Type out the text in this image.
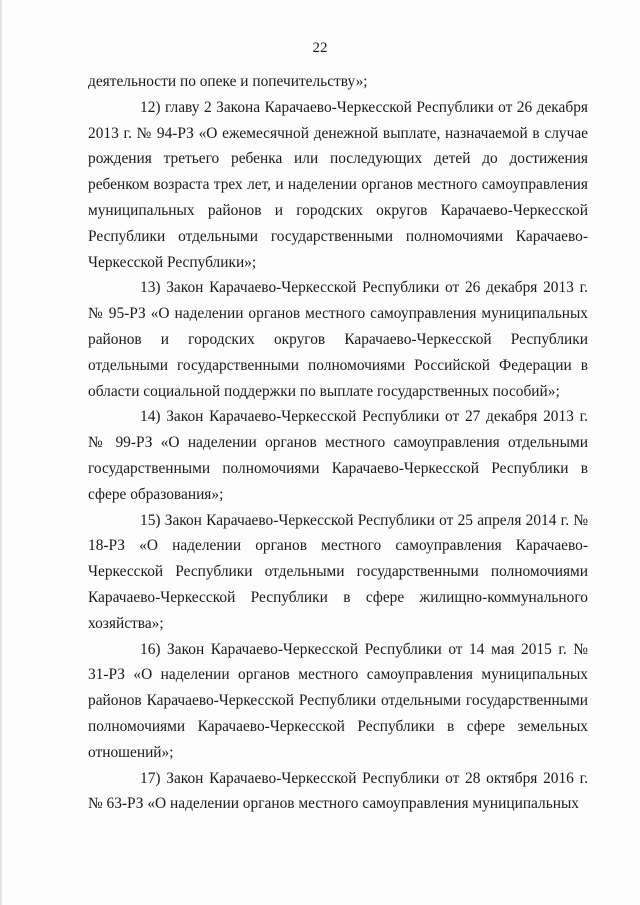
22

деятельности по опеке и попечительству»;

12) главу 2 Закона Карачаево-Черкесской Республики от 26 декабря 2013 г. № 94-РЗ «О ежемесячной денежной выплате, назначаемой в случае рождения третьего ребенка или последующих детей до достижения ребенком возраста трех лет, и наделении органов местного самоуправления муниципальных районов и городских округов Карачаево-Черкесской Республики отдельными государственными полномочиями Карачаево-Черкесской Республики»;

13) Закон Карачаево-Черкесской Республики от 26 декабря 2013 г. № 95-РЗ «О наделении органов местного самоуправления муниципальных районов и городских округов Карачаево-Черкесской Республики отдельными государственными полномочиями Российской Федерации в области социальной поддержки по выплате государственных пособий»;

14) Закон Карачаево-Черкесской Республики от 27 декабря 2013 г. № 99-РЗ «О наделении органов местного самоуправления отдельными государственными полномочиями Карачаево-Черкесской Республики в сфере образования»;

15) Закон Карачаево-Черкесской Республики от 25 апреля 2014 г. № 18-РЗ «О наделении органов местного самоуправления Карачаево-Черкесской Республики отдельными государственными полномочиями Карачаево-Черкесской Республики в сфере жилищно-коммунального хозяйства»;

16) Закон Карачаево-Черкесской Республики от 14 мая 2015 г. № 31-РЗ «О наделении органов местного самоуправления муниципальных районов Карачаево-Черкесской Республики отдельными государственными полномочиями Карачаево-Черкесской Республики в сфере земельных отношений»;

17) Закон Карачаево-Черкесской Республики от 28 октября 2016 г. № 63-РЗ «О наделении органов местного самоуправления муниципальных
